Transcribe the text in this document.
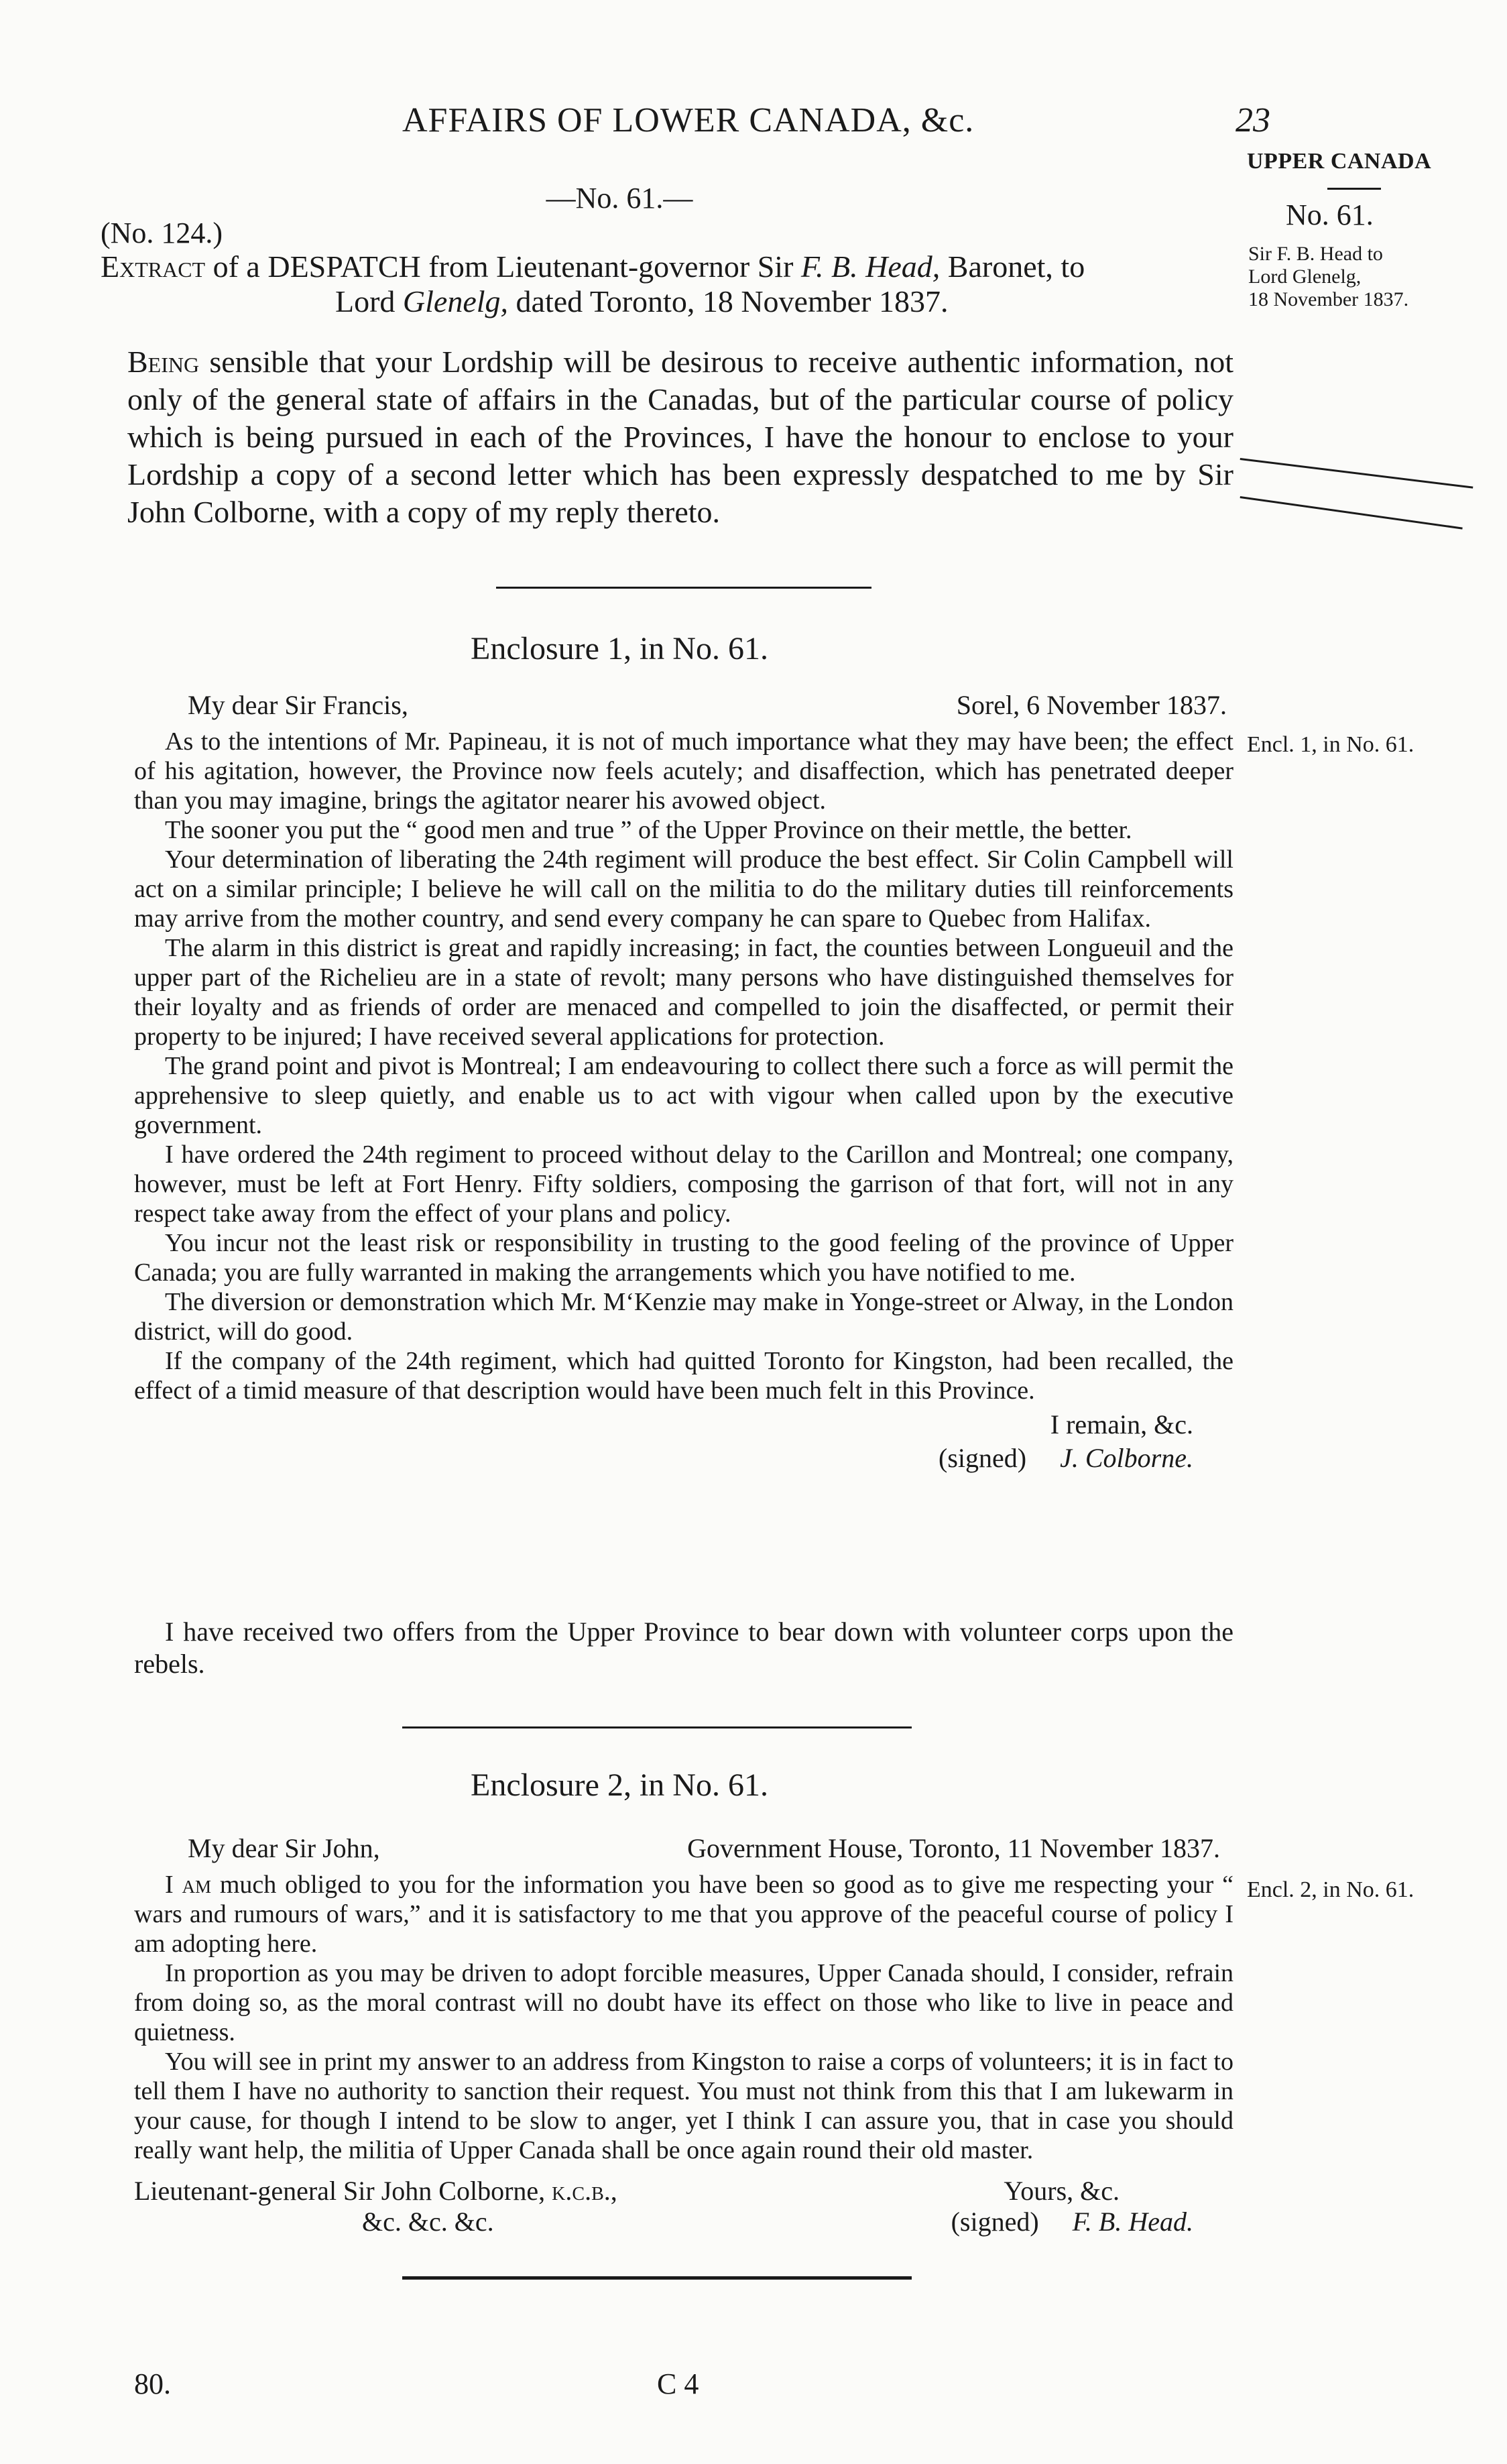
AFFAIRS OF LOWER CANADA, &c.	23
UPPER CANADA
No. 61.
Sir F. B. Head to
Lord Glenelg,
18 November 1837.
—No. 61.—
(No. 124.)
Extract of a DESPATCH from Lieutenant-governor Sir F. B. Head, Baronet, to
Lord Glenelg, dated Toronto, 18 November 1837.
Being sensible that your Lordship will be desirous to receive authentic information, not only of the general state of affairs in the Canadas, but of the particular course of policy which is being pursued in each of the Provinces, I have the honour to enclose to your Lordship a copy of a second letter which has been expressly despatched to me by Sir John Colborne, with a copy of my reply thereto.
Enclosure 1, in No. 61.
Encl. 1, in No. 61.
My dear Sir Francis,	Sorel, 6 November 1837.

As to the intentions of Mr. Papineau, it is not of much importance what they may have been; the effect of his agitation, however, the Province now feels acutely; and disaffection, which has penetrated deeper than you may imagine, brings the agitator nearer his avowed object.

The sooner you put the “ good men and true ” of the Upper Province on their mettle, the better.

Your determination of liberating the 24th regiment will produce the best effect. Sir Colin Campbell will act on a similar principle; I believe he will call on the militia to do the military duties till reinforcements may arrive from the mother country, and send every company he can spare to Quebec from Halifax.

The alarm in this district is great and rapidly increasing; in fact, the counties between Longueuil and the upper part of the Richelieu are in a state of revolt; many persons who have distinguished themselves for their loyalty and as friends of order are menaced and compelled to join the disaffected, or permit their property to be injured; I have received several applications for protection.

The grand point and pivot is Montreal; I am endeavouring to collect there such a force as will permit the apprehensive to sleep quietly, and enable us to act with vigour when called upon by the executive government.

I have ordered the 24th regiment to proceed without delay to the Carillon and Montreal; one company, however, must be left at Fort Henry. Fifty soldiers, composing the garrison of that fort, will not in any respect take away from the effect of your plans and policy.

You incur not the least risk or responsibility in trusting to the good feeling of the province of Upper Canada; you are fully warranted in making the arrangements which you have notified to me.

The diversion or demonstration which Mr. M‘Kenzie may make in Yonge-street or Alway, in the London district, will do good.

If the company of the 24th regiment, which had quitted Toronto for Kingston, had been recalled, the effect of a timid measure of that description would have been much felt in this Province.

I remain, &c.
(signed) J. Colborne.
I have received two offers from the Upper Province to bear down with volunteer corps upon the rebels.
Enclosure 2, in No. 61.
Encl. 2, in No. 61.
My dear Sir John,	Government House, Toronto, 11 November 1837.

I am much obliged to you for the information you have been so good as to give me respecting your “ wars and rumours of wars,” and it is satisfactory to me that you approve of the peaceful course of policy I am adopting here.

In proportion as you may be driven to adopt forcible measures, Upper Canada should, I consider, refrain from doing so, as the moral contrast will no doubt have its effect on those who like to live in peace and quietness.

You will see in print my answer to an address from Kingston to raise a corps of volunteers; it is in fact to tell them I have no authority to sanction their request. You must not think from this that I am lukewarm in your cause, for though I intend to be slow to anger, yet I think I can assure you, that in case you should really want help, the militia of Upper Canada shall be once again round their old master.

Lieutenant-general Sir John Colborne, k.c.b.,	Yours, &c.
&c. &c. &c.	(signed) F. B. Head.
80.	C 4
